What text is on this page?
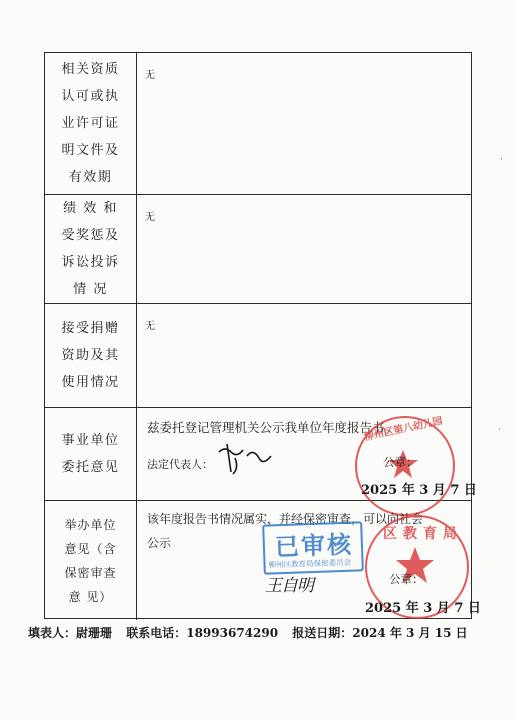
相关资质
认可或执
业许可证
明文件及
有效期
无
绩 效 和
受奖惩及
诉讼投诉
情 况
无
接受捐赠
资助及其
使用情况
无
事业单位
委托意见
兹委托登记管理机关公示我单位年度报告书。
法定代表人：
柳州区第八幼儿园
公章：
2025 年 3 月 7 日
举办单位
意见（含
保密审查
意 见）
该年度报告书情况属实，并经保密审查，可以向社会
公示	已审核
柳州区教育局保密委员会
王自明
区教育局
公章：
2025 年 3 月 7 日
填表人：尉珊珊 联系电话：18993674290 报送日期：2024 年 3 月 15 日
·
·
